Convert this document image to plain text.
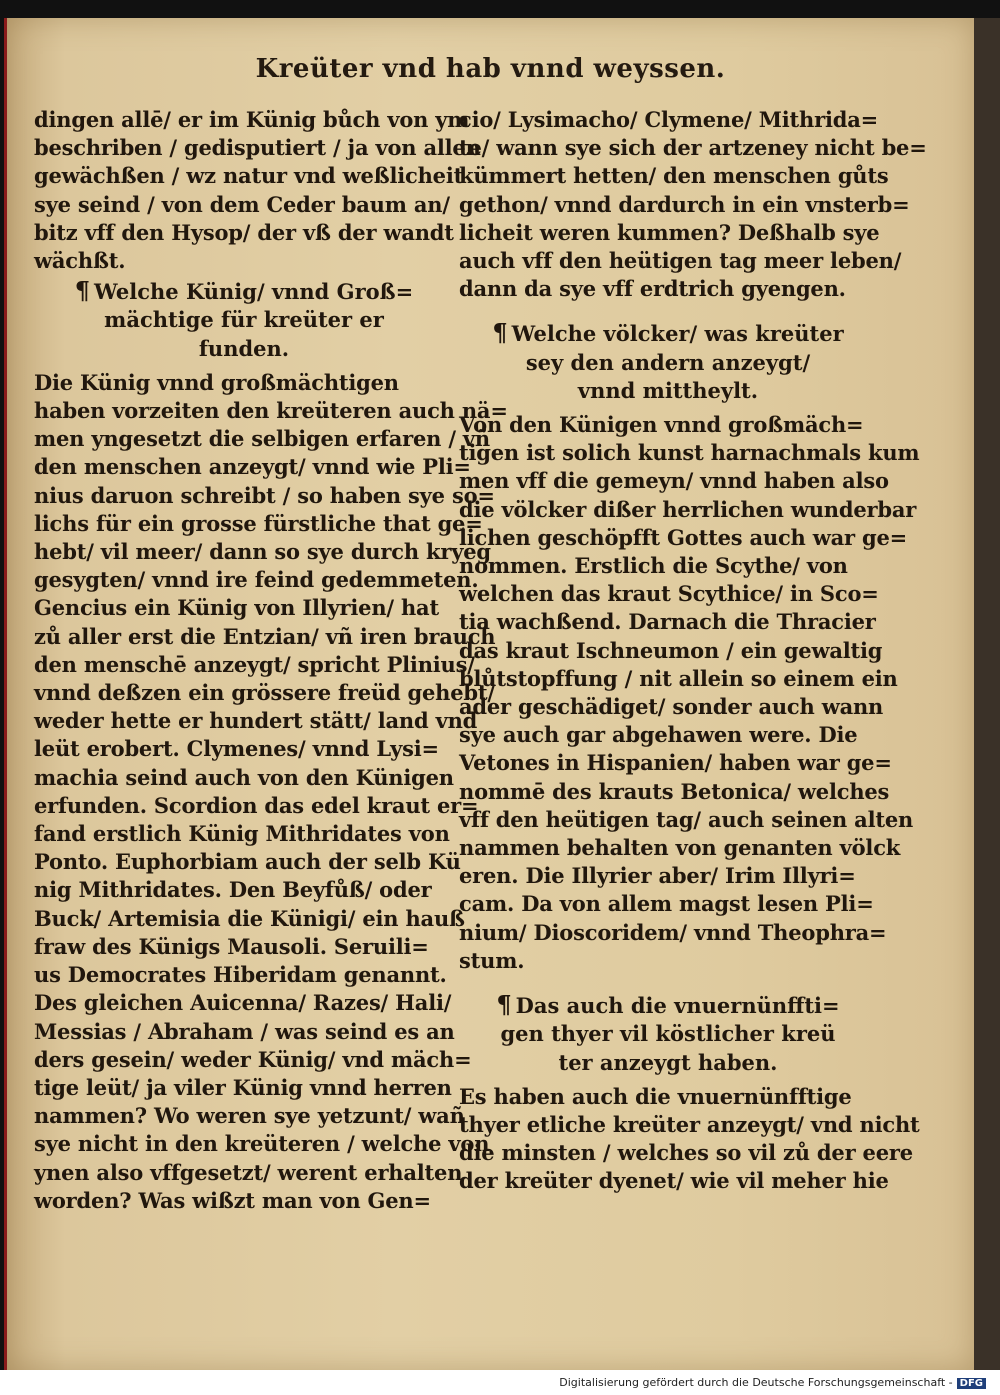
Kreüter vnd hab vnnd weyssen.
dingen allē/ er im Künig bůch von ym
beschriben / gedisputiert / ja von allen
gewächßen / wz natur vnd weßlicheit
sye seind / von dem Ceder baum an/
bitz vff den Hysop/ der vß der wandt
wächßt.
¶ Welche Künig/ vnnd Groß=
mächtige für kreüter er
funden.
Die Künig vnnd großmächtigen
haben vorzeiten den kreüteren auch nä=
men yngesetzt die selbigen erfaren / vñ
den menschen anzeygt/ vnnd wie Pli=
nius daruon schreibt / so haben sye so=
lichs für ein grosse fürstliche that ge=
hebt/ vil meer/ dann so sye durch kryeg
gesygten/ vnnd ire feind gedemmeten.
Gencius ein Künig von Illyrien/ hat
zů aller erst die Entzian/ vñ iren brauch
den menschē anzeygt/ spricht Plinius/
vnnd deßzen ein grössere freüd gehebt/
weder hette er hundert stätt/ land vnd
leüt erobert. Clymenes/ vnnd Lysi=
machia seind auch von den Künigen
erfunden. Scordion das edel kraut er=
fand erstlich Künig Mithridates von
Ponto. Euphorbiam auch der selb Kü
nig Mithridates. Den Beyfůß/ oder
Buck/ Artemisia die Künigi/ ein hauß
fraw des Künigs Mausoli. Seruili=
us Democrates Hiberidam genannt.
Des gleichen Auicenna/ Razes/ Hali/
Messias / Abraham / was seind es an
ders gesein/ weder Künig/ vnd mäch=
tige leüt/ ja viler Künig vnnd herren
nammen? Wo weren sye yetzunt/ wañ
sye nicht in den kreüteren / welche von
ynen also vffgesetzt/ werent erhalten
worden? Was wißzt man von Gen=
cio/ Lysimacho/ Clymene/ Mithrida=
te/ wann sye sich der artzeney nicht be=
kümmert hetten/ den menschen gůts
gethon/ vnnd dardurch in ein vnsterb=
licheit weren kummen? Deßhalb sye
auch vff den heütigen tag meer leben/
dann da sye vff erdtrich gyengen.
¶ Welche völcker/ was kreüter
sey den andern anzeygt/
vnnd mittheylt.
Von den Künigen vnnd großmäch=
tigen ist solich kunst harnachmals kum
men vff die gemeyn/ vnnd haben also
die völcker dißer herrlichen wunderbar
lichen geschöpfft Gottes auch war ge=
nommen. Erstlich die Scythe/ von
welchen das kraut Scythice/ in Sco=
tia wachßend. Darnach die Thracier
das kraut Ischneumon / ein gewaltig
blůtstopffung / nit allein so einem ein
ader geschädiget/ sonder auch wann
sye auch gar abgehawen were. Die
Vetones in Hispanien/ haben war ge=
nommē des krauts Betonica/ welches
vff den heütigen tag/ auch seinen alten
nammen behalten von genanten völck
eren. Die Illyrier aber/ Irim Illyri=
cam. Da von allem magst lesen Pli=
nium/ Dioscoridem/ vnnd Theophra=
stum.
¶ Das auch die vnuernünffti=
gen thyer vil köstlicher kreü
ter anzeygt haben.
Es haben auch die vnuernünfftige
thyer etliche kreüter anzeygt/ vnd nicht
die minsten / welches so vil zů der eere
der kreüter dyenet/ wie vil meher hie
Digitalisierung gefördert durch die Deutsche Forschungsgemeinschaft - DFG
